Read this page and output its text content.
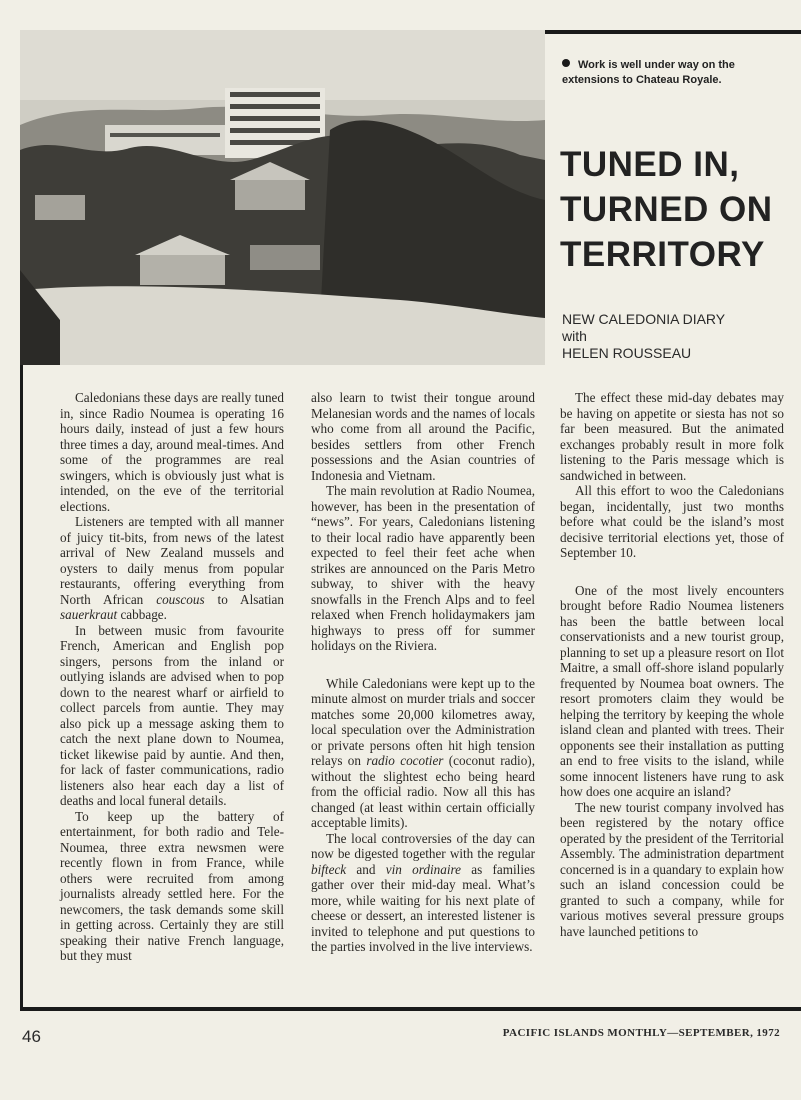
Work is well under way on the extensions to Chateau Royale.
TUNED IN,
TURNED ON
TERRITORY
NEW CALEDONIA DIARY
with
HELEN ROUSSEAU

Caledonians these days are really tuned in, since Radio Noumea is operating 16 hours daily, instead of just a few hours three times a day, around meal-times. And some of the programmes are real swingers, which is obviously just what is intended, on the eve of the territorial elections.

Listeners are tempted with all manner of juicy tit-bits, from news of the latest arrival of New Zealand mussels and oysters to daily menus from popular restaurants, offering everything from North African couscous to Alsatian sauerkraut cabbage.

In between music from favourite French, American and English pop singers, persons from the inland or outlying islands are advised when to pop down to the nearest wharf or airfield to collect parcels from auntie. They may also pick up a message asking them to catch the next plane down to Noumea, ticket likewise paid by auntie. And then, for lack of faster communications, radio listeners also hear each day a list of deaths and local funeral details.

To keep up the battery of entertainment, for both radio and Tele-Noumea, three extra newsmen were recently flown in from France, while others were recruited from among journalists already settled here. For the newcomers, the task demands some skill in getting across. Certainly they are still speaking their native French language, but they must

also learn to twist their tongue around Melanesian words and the names of locals who come from all around the Pacific, besides settlers from other French possessions and the Asian countries of Indonesia and Vietnam.

The main revolution at Radio Noumea, however, has been in the presentation of “news”. For years, Caledonians listening to their local radio have apparently been expected to feel their feet ache when strikes are announced on the Paris Metro subway, to shiver with the heavy snowfalls in the French Alps and to feel relaxed when French holidaymakers jam highways to press off for summer holidays on the Riviera.

While Caledonians were kept up to the minute almost on murder trials and soccer matches some 20,000 kilometres away, local speculation over the Administration or private persons often hit high tension relays on radio cocotier (coconut radio), without the slightest echo being heard from the official radio. Now all this has changed (at least within certain officially acceptable limits).

The local controversies of the day can now be digested together with the regular bifteck and vin ordinaire as families gather over their mid-day meal. What’s more, while waiting for his next plate of cheese or dessert, an interested listener is invited to telephone and put questions to the parties involved in the live interviews.

The effect these mid-day debates may be having on appetite or siesta has not so far been measured. But the animated exchanges probably result in more folk listening to the Paris message which is sandwiched in between.

All this effort to woo the Caledonians began, incidentally, just two months before what could be the island’s most decisive territorial elections yet, those of September 10.

One of the most lively encounters brought before Radio Noumea listeners has been the battle between local conservationists and a new tourist group, planning to set up a pleasure resort on Ilot Maitre, a small off-shore island popularly frequented by Noumea boat owners. The resort promoters claim they would be helping the territory by keeping the whole island clean and planted with trees. Their opponents see their installation as putting an end to free visits to the island, while some innocent listeners have rung to ask how does one acquire an island?

The new tourist company involved has been registered by the notary office operated by the president of the Territorial Assembly. The administration department concerned is in a quandary to explain how such an island concession could be granted to such a company, while for various motives several pressure groups have launched petitions to

46	PACIFIC ISLANDS MONTHLY—SEPTEMBER, 1972
